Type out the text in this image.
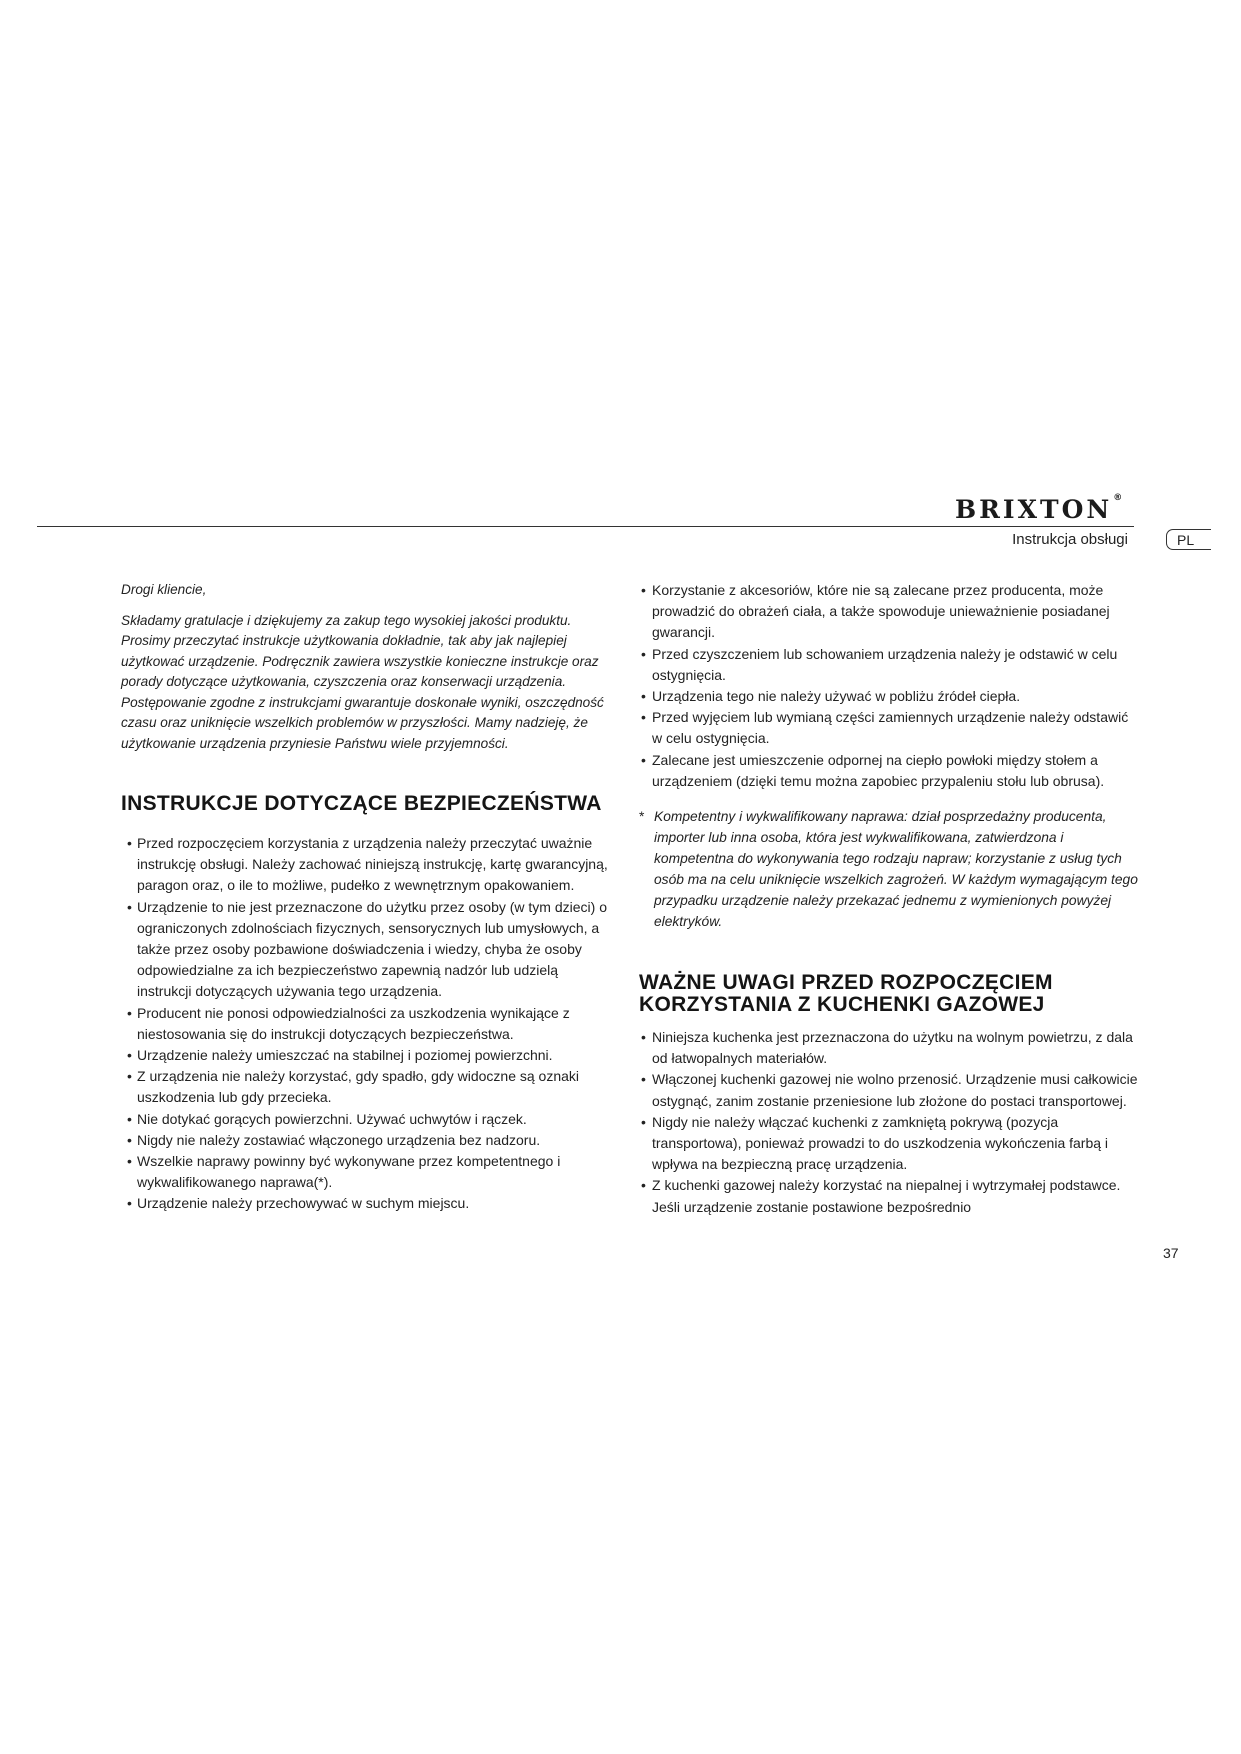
BRIXTON®
Instrukcja obsługi	PL

Drogi kliencie,

Składamy gratulacje i dziękujemy za zakup tego wysokiej jakości produktu. Prosimy przeczytać instrukcje użytkowania dokładnie, tak aby jak najlepiej użytkować urządzenie. Podręcznik zawiera wszystkie konieczne instrukcje oraz porady dotyczące użytkowania, czyszczenia oraz konserwacji urządzenia. Postępowanie zgodne z instrukcjami gwarantuje doskonałe wyniki, oszczędność czasu oraz uniknięcie wszelkich problemów w przyszłości. Mamy nadzieję, że użytkowanie urządzenia przyniesie Państwu wiele przyjemności.

INSTRUKCJE DOTYCZĄCE BEZPIECZEŃSTWA
• Przed rozpoczęciem korzystania z urządzenia należy przeczytać uważnie instrukcję obsługi. Należy zachować niniejszą instrukcję, kartę gwarancyjną, paragon oraz, o ile to możliwe, pudełko z wewnętrznym opakowaniem.
• Urządzenie to nie jest przeznaczone do użytku przez osoby (w tym dzieci) o ograniczonych zdolnościach fizycznych, sensorycznych lub umysłowych, a także przez osoby pozbawione doświadczenia i wiedzy, chyba że osoby odpowiedzialne za ich bezpieczeństwo zapewnią nadzór lub udzielą instrukcji dotyczących używania tego urządzenia.
• Producent nie ponosi odpowiedzialności za uszkodzenia wynikające z niestosowania się do instrukcji dotyczących bezpieczeństwa.
• Urządzenie należy umieszczać na stabilnej i poziomej powierzchni.
• Z urządzenia nie należy korzystać, gdy spadło, gdy widoczne są oznaki uszkodzenia lub gdy przecieka.
• Nie dotykać gorących powierzchni. Używać uchwytów i rączek.
• Nigdy nie należy zostawiać włączonego urządzenia bez nadzoru.
• Wszelkie naprawy powinny być wykonywane przez kompetentnego i wykwalifikowanego naprawa(*).
• Urządzenie należy przechowywać w suchym miejscu.
• Korzystanie z akcesoriów, które nie są zalecane przez producenta, może prowadzić do obrażeń ciała, a także spowoduje unieważnienie posiadanej gwarancji.
• Przed czyszczeniem lub schowaniem urządzenia należy je odstawić w celu ostygnięcia.
• Urządzenia tego nie należy używać w pobliżu źródeł ciepła.
• Przed wyjęciem lub wymianą części zamiennych urządzenie należy odstawić w celu ostygnięcia.
• Zalecane jest umieszczenie odpornej na ciepło powłoki między stołem a urządzeniem (dzięki temu można zapobiec przypaleniu stołu lub obrusa).
* Kompetentny i wykwalifikowany naprawa: dział posprzedażny producenta, importer lub inna osoba, która jest wykwalifikowana, zatwierdzona i kompetentna do wykonywania tego rodzaju napraw; korzystanie z usług tych osób ma na celu uniknięcie wszelkich zagrożeń. W każdym wymagającym tego przypadku urządzenie należy przekazać jednemu z wymienionych powyżej elektryków.
WAŻNE UWAGI PRZED ROZPOCZĘCIEM
KORZYSTANIA Z KUCHENKI GAZOWEJ
• Niniejsza kuchenka jest przeznaczona do użytku na wolnym powietrzu, z dala od łatwopalnych materiałów.
• Włączonej kuchenki gazowej nie wolno przenosić. Urządzenie musi całkowicie ostygnąć, zanim zostanie przeniesione lub złożone do postaci transportowej.
• Nigdy nie należy włączać kuchenki z zamkniętą pokrywą (pozycja transportowa), ponieważ prowadzi to do uszkodzenia wykończenia farbą i wpływa na bezpieczną pracę urządzenia.
• Z kuchenki gazowej należy korzystać na niepalnej i wytrzymałej podstawce. Jeśli urządzenie zostanie postawione bezpośrednio
37
